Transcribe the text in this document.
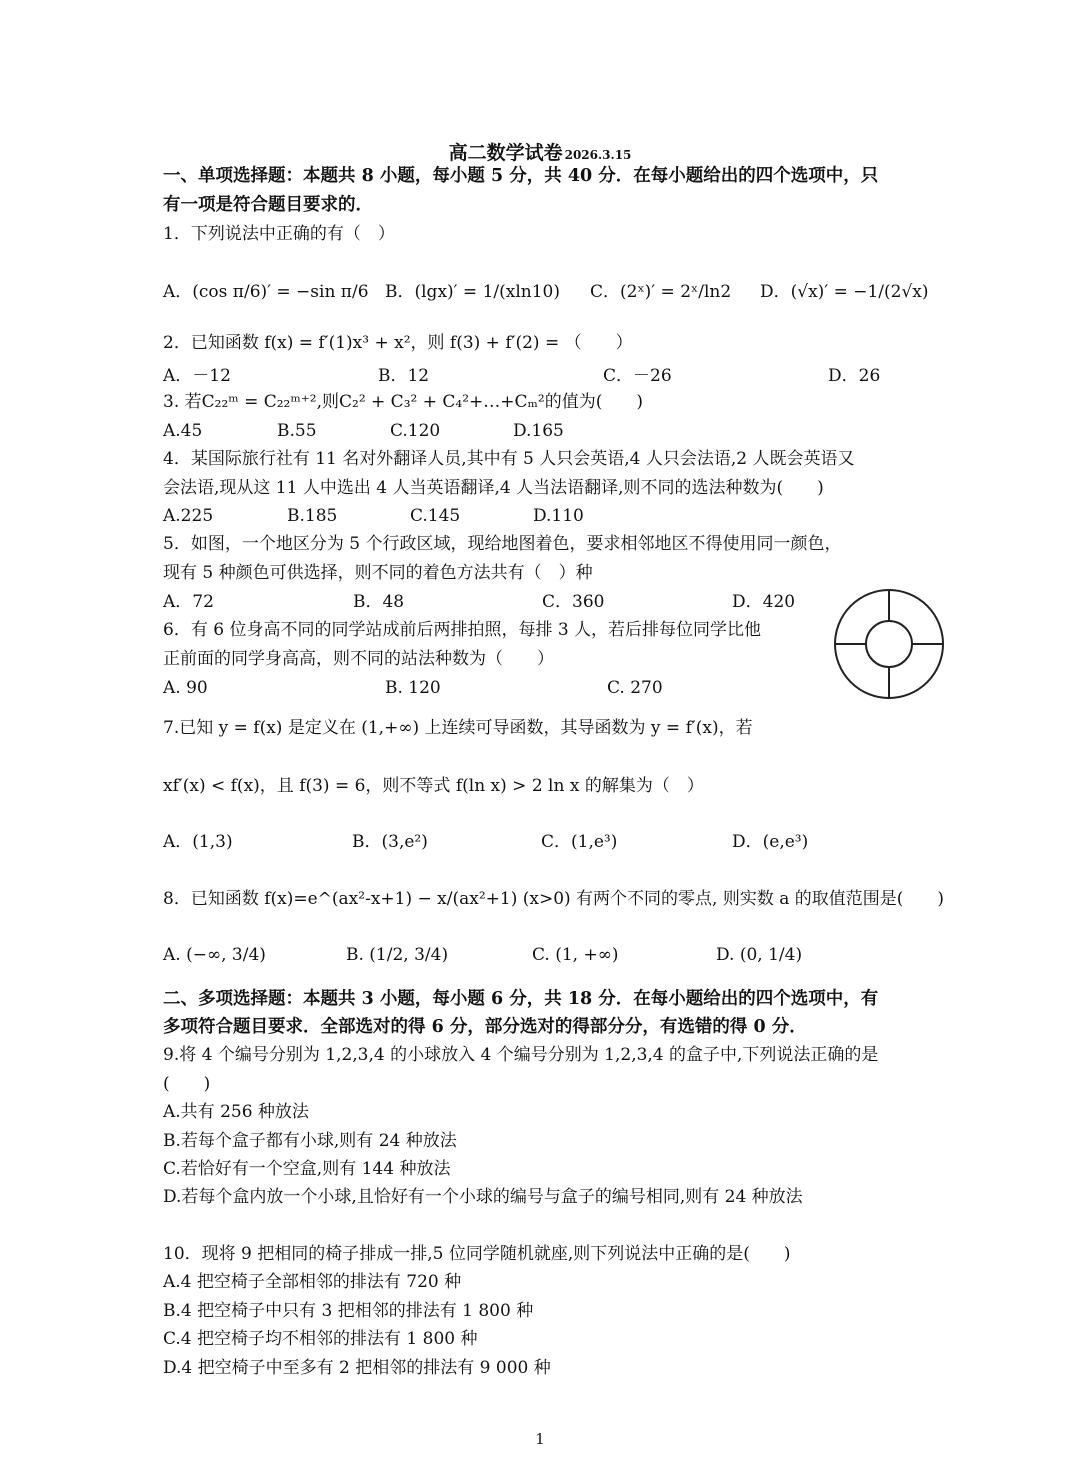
高二数学试卷 2026.3.15
一、单项选择题：本题共 8 小题，每小题 5 分，共 40 分．在每小题给出的四个选项中，只
有一项是符合题目要求的．
1．下列说法中正确的有（　）
A．(cos π/6)′ = −sin π/6 B．(lgx)′ = 1/(xln10) C．(2ˣ)′ = 2ˣ/ln2 D．(√x)′ = −1/(2√x)
2．已知函数 f(x) = f′(1)x³ + x²，则 f(3) + f′(2) = （　　）
A．－12	B．12	C．－26	D．26
3. 若C₂₂ᵐ = C₂₂ᵐ⁺²,则C₂² + C₃² + C₄²+…+Cₘ²的值为(　　)
A.45	B.55	C.120	D.165
4．某国际旅行社有 11 名对外翻译人员,其中有 5 人只会英语,4 人只会法语,2 人既会英语又
会法语,现从这 11 人中选出 4 人当英语翻译,4 人当法语翻译,则不同的选法种数为(　　)
A.225	B.185	C.145	D.110
5．如图，一个地区分为 5 个行政区域，现给地图着色，要求相邻地区不得使用同一颜色，
现有 5 种颜色可供选择，则不同的着色方法共有（　）种
A．72	B．48	C．360	D．420
6．有 6 位身高不同的同学站成前后两排拍照，每排 3 人，若后排每位同学比他
正前面的同学身高高，则不同的站法种数为（　　）
A. 90	B. 120	C. 270
7.已知 y = f(x) 是定义在 (1,+∞) 上连续可导函数，其导函数为 y = f′(x)，若
xf′(x) < f(x)，且 f(3) = 6，则不等式 f(ln x) > 2 ln x 的解集为（　）
A．(1,3)	B．(3,e²)	C．(1,e³)	D．(e,e³)
8．已知函数 f(x)=e^(ax²-x+1) − x/(ax²+1) (x>0) 有两个不同的零点, 则实数 a 的取值范围是(　　)
A. (−∞, 3/4)	B. (1/2, 3/4)	C. (1, +∞)	D. (0, 1/4)
二、多项选择题：本题共 3 小题，每小题 6 分，共 18 分．在每小题给出的四个选项中，有
多项符合题目要求．全部选对的得 6 分，部分选对的得部分分，有选错的得 0 分．
9.将 4 个编号分别为 1,2,3,4 的小球放入 4 个编号分别为 1,2,3,4 的盒子中,下列说法正确的是
(　　)
A.共有 256 种放法
B.若每个盒子都有小球,则有 24 种放法
C.若恰好有一个空盒,则有 144 种放法
D.若每个盒内放一个小球,且恰好有一个小球的编号与盒子的编号相同,则有 24 种放法
10．现将 9 把相同的椅子排成一排,5 位同学随机就座,则下列说法中正确的是(　　)
A.4 把空椅子全部相邻的排法有 720 种
B.4 把空椅子中只有 3 把相邻的排法有 1 800 种
C.4 把空椅子均不相邻的排法有 1 800 种
D.4 把空椅子中至多有 2 把相邻的排法有 9 000 种
1
